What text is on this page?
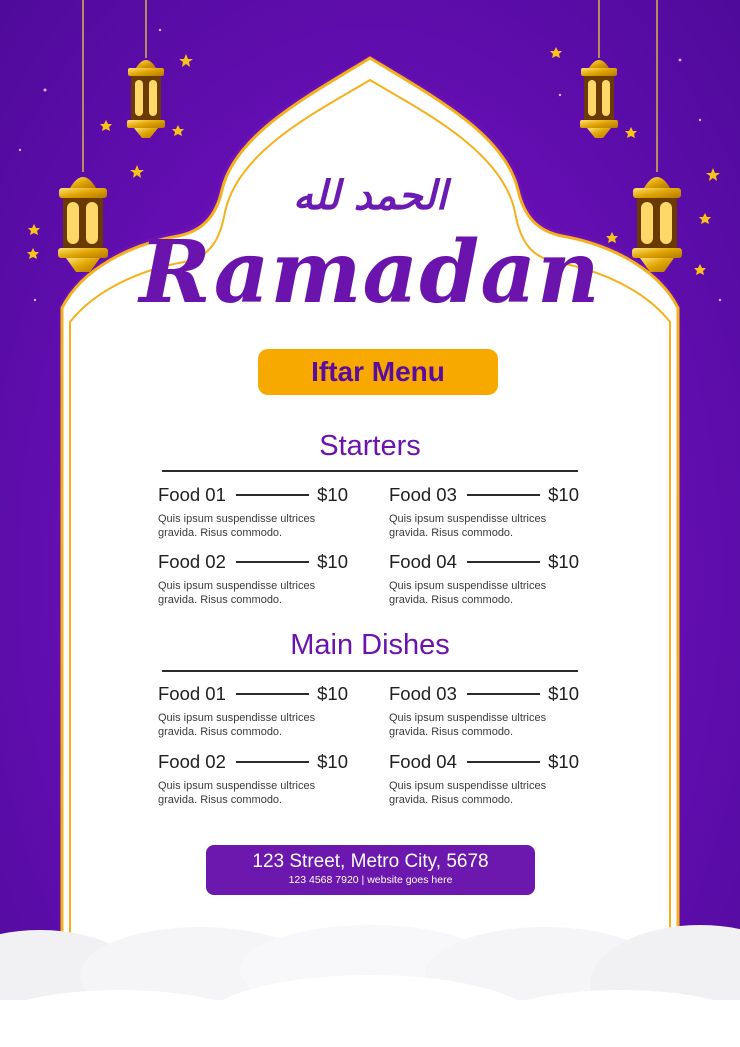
الحمد لله
Ramadan
Iftar Menu
Starters
Food 01	$10
Quis ipsum suspendisse ultrices
gravida. Risus commodo.
Food 03	$10
Quis ipsum suspendisse ultrices
gravida. Risus commodo.
Food 02	$10
Quis ipsum suspendisse ultrices
gravida. Risus commodo.
Food 04	$10
Quis ipsum suspendisse ultrices
gravida. Risus commodo.
Main Dishes
Food 01	$10
Quis ipsum suspendisse ultrices
gravida. Risus commodo.
Food 03	$10
Quis ipsum suspendisse ultrices
gravida. Risus commodo.
Food 02	$10
Quis ipsum suspendisse ultrices
gravida. Risus commodo.
Food 04	$10
Quis ipsum suspendisse ultrices
gravida. Risus commodo.
123 Street, Metro City, 5678
123 4568 7920 | website goes here
